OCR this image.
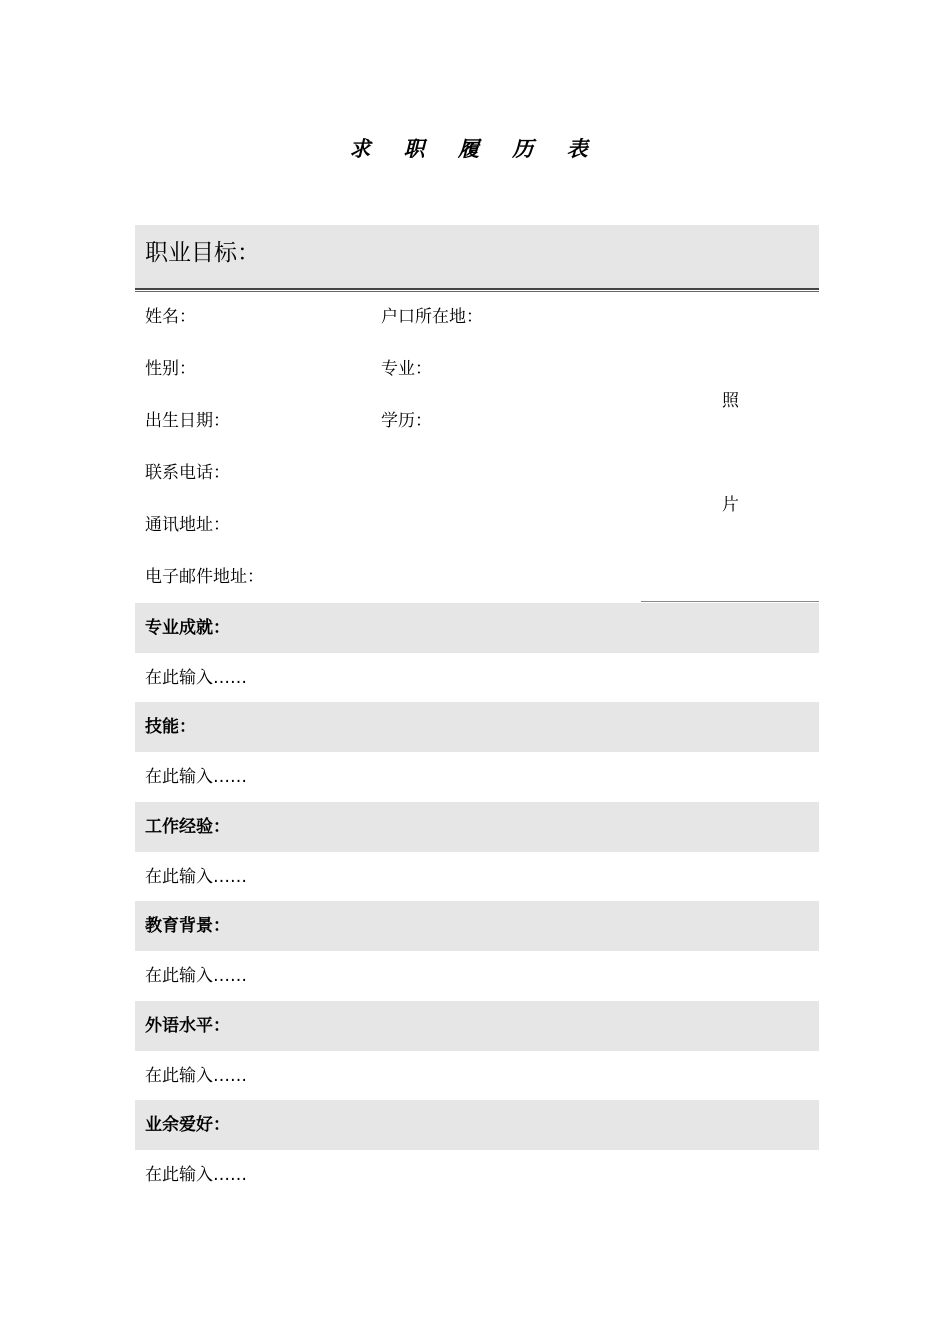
求 职 履 历 表
职业目标：
姓名：	户口所在地：
性别：	专业：
出生日期：	学历：
联系电话：
通讯地址：
电子邮件地址：
照
片
专业成就：
在此输入……
技能：
在此输入……
工作经验：
在此输入……
教育背景：
在此输入……
外语水平：
在此输入……
业余爱好：
在此输入……
